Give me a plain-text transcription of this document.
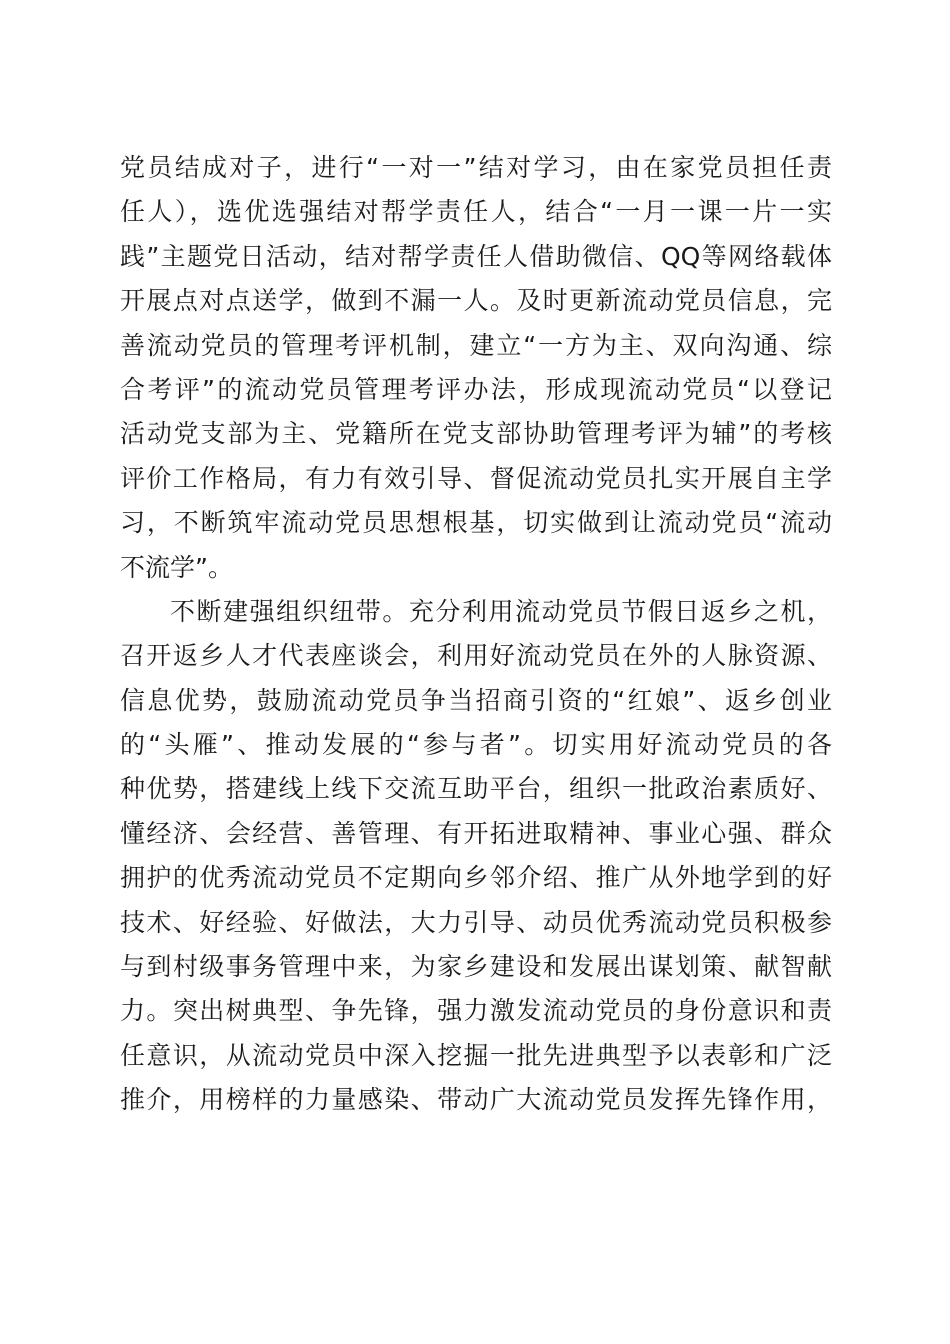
党员结成对子，进行“一对一”结对学习，由在家党员担任责
任人），选优选强结对帮学责任人，结合“一月一课一片一实
践”主题党日活动，结对帮学责任人借助微信、QQ等网络载体
开展点对点送学，做到不漏一人。及时更新流动党员信息，完
善流动党员的管理考评机制，建立“一方为主、双向沟通、综
合考评”的流动党员管理考评办法，形成现流动党员“以登记
活动党支部为主、党籍所在党支部协助管理考评为辅”的考核
评价工作格局，有力有效引导、督促流动党员扎实开展自主学
习，不断筑牢流动党员思想根基，切实做到让流动党员“流动
不流学”。
不断建强组织纽带。充分利用流动党员节假日返乡之机，
召开返乡人才代表座谈会，利用好流动党员在外的人脉资源、
信息优势，鼓励流动党员争当招商引资的“红娘”、返乡创业
的“头雁”、推动发展的“参与者”。切实用好流动党员的各
种优势，搭建线上线下交流互助平台，组织一批政治素质好、
懂经济、会经营、善管理、有开拓进取精神、事业心强、群众
拥护的优秀流动党员不定期向乡邻介绍、推广从外地学到的好
技术、好经验、好做法，大力引导、动员优秀流动党员积极参
与到村级事务管理中来，为家乡建设和发展出谋划策、献智献
力。突出树典型、争先锋，强力激发流动党员的身份意识和责
任意识，从流动党员中深入挖掘一批先进典型予以表彰和广泛
推介，用榜样的力量感染、带动广大流动党员发挥先锋作用，
